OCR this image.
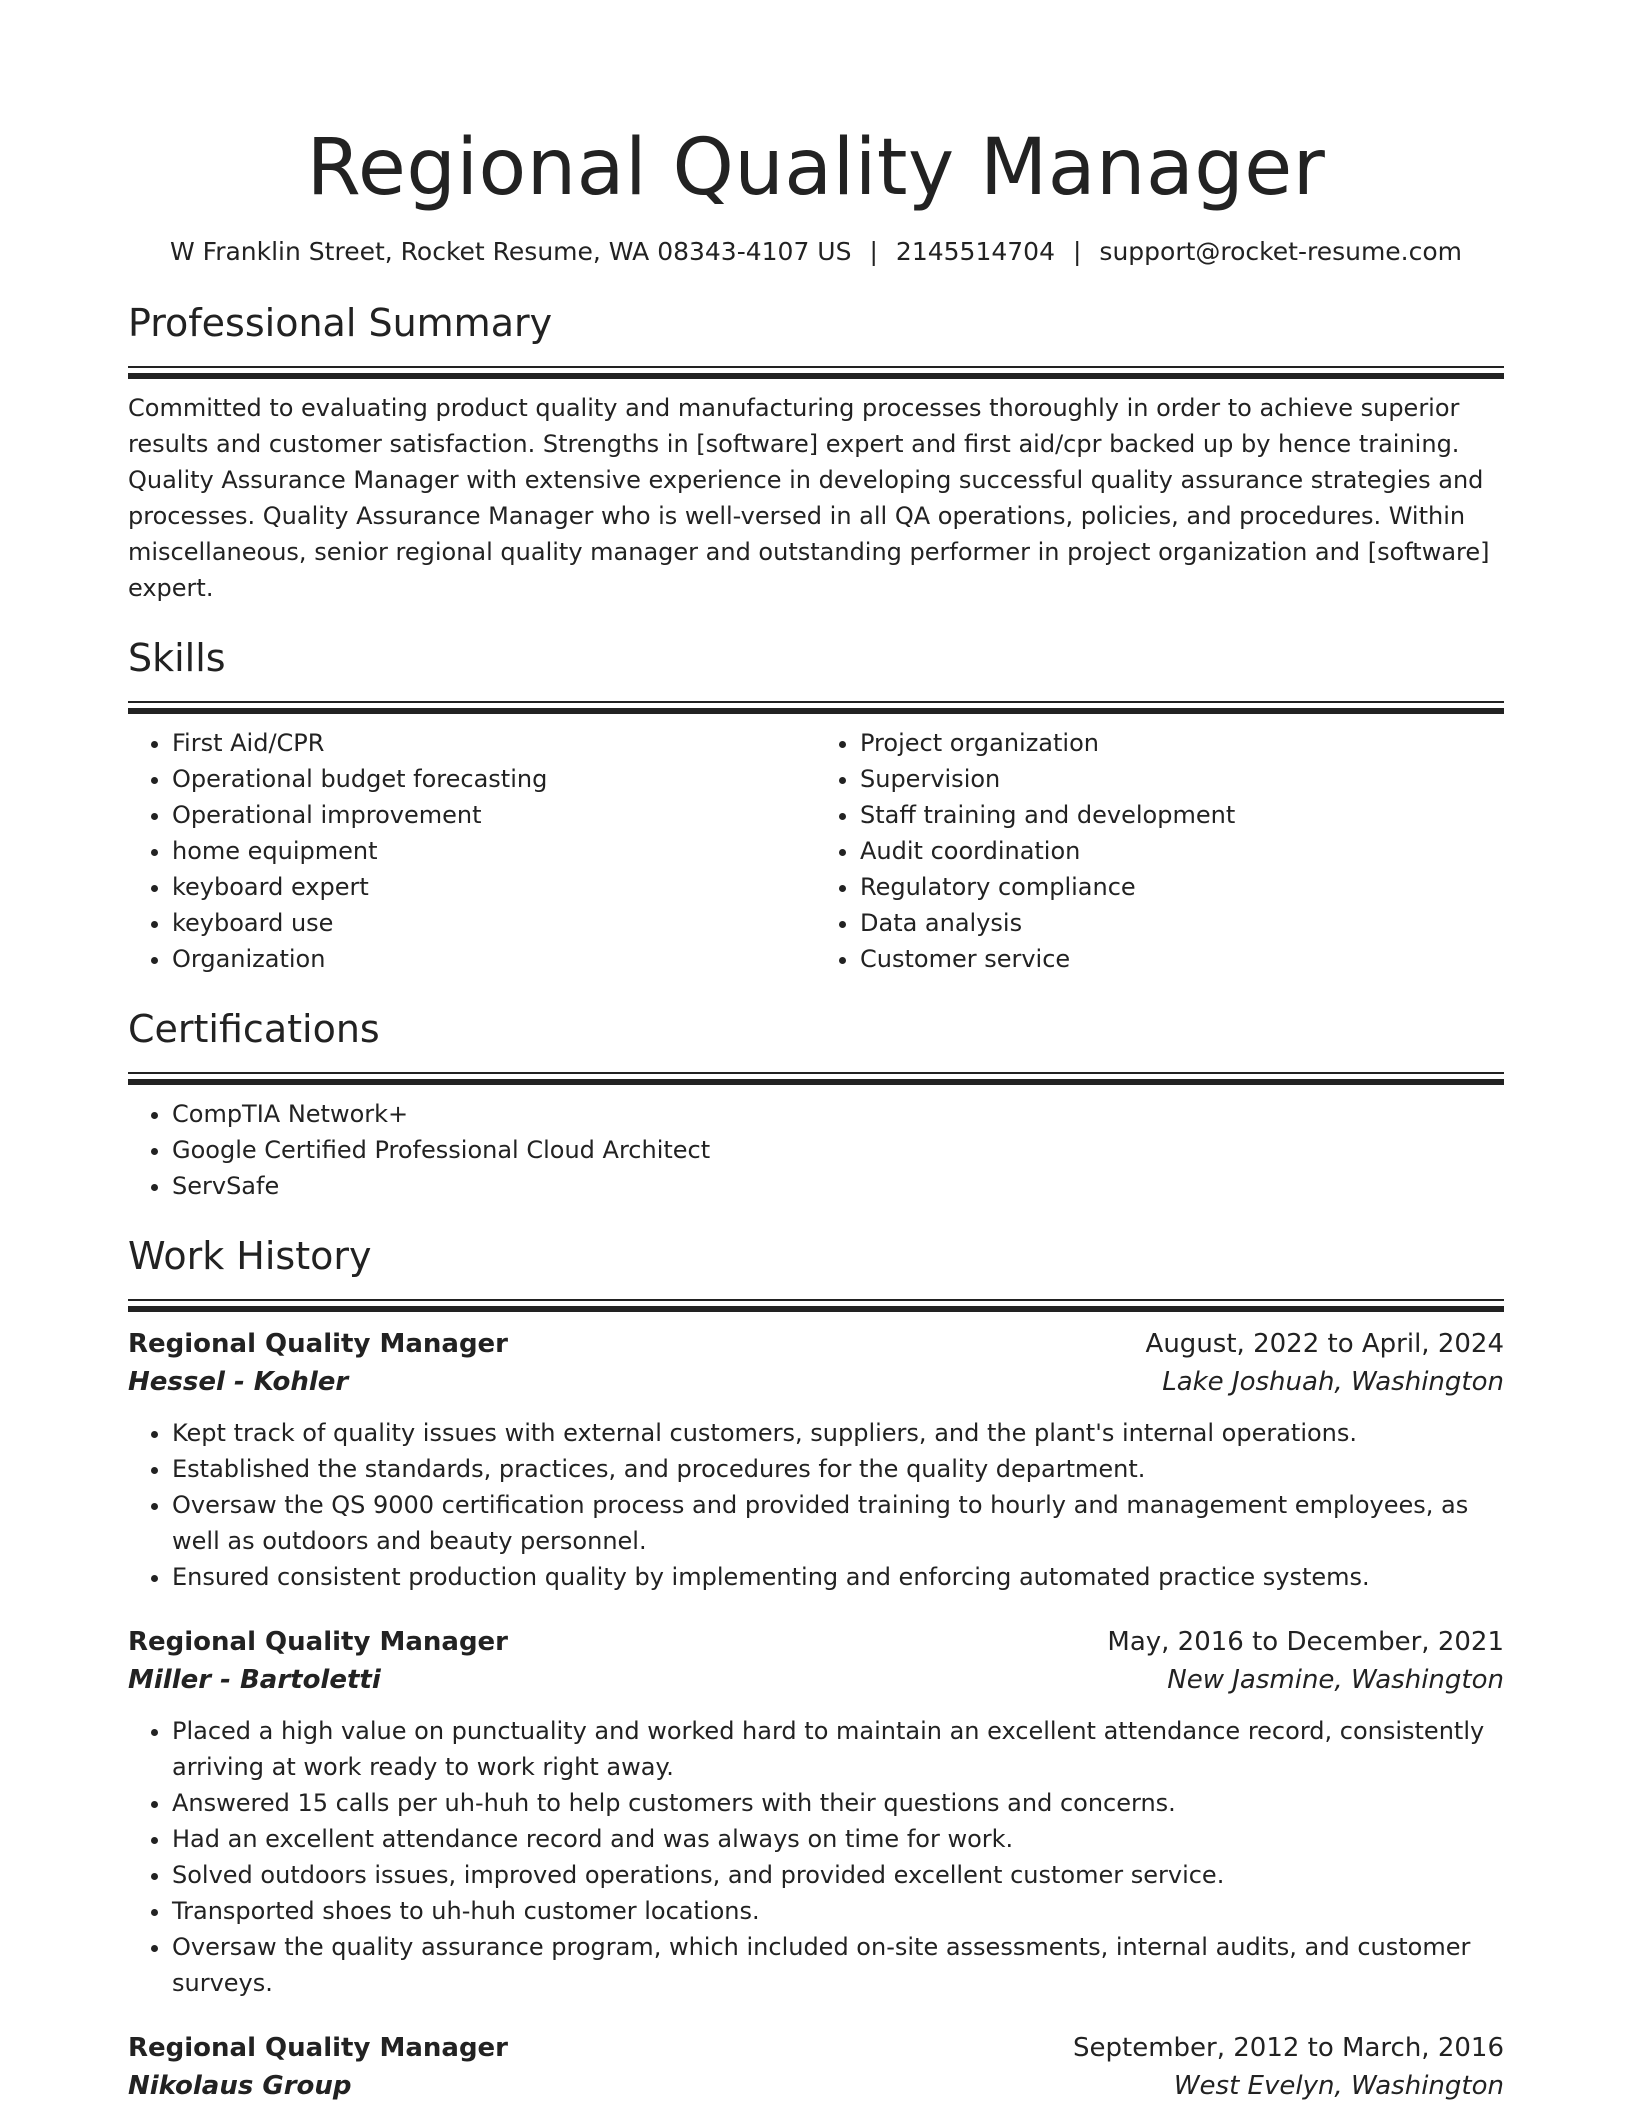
Regional Quality Manager
W Franklin Street, Rocket Resume, WA 08343-4107 US | 2145514704 | support@rocket-resume.com
Professional Summary

Committed to evaluating product quality and manufacturing processes thoroughly in order to achieve superior results and customer satisfaction. Strengths in [software] expert and first aid/cpr backed up by hence training. Quality Assurance Manager with extensive experience in developing successful quality assurance strategies and processes. Quality Assurance Manager who is well-versed in all QA operations, policies, and procedures. Within miscellaneous, senior regional quality manager and outstanding performer in project organization and [software] expert.

Skills
• First Aid/CPR
• Operational budget forecasting
• Operational improvement
• home equipment
• keyboard expert
• keyboard use
• Organization
• Project organization
• Supervision
• Staff training and development
• Audit coordination
• Regulatory compliance
• Data analysis
• Customer service
Certifications
• CompTIA Network+
• Google Certified Professional Cloud Architect
• ServSafe
Work History
Regional Quality Manager	August, 2022 to April, 2024
Hessel - Kohler	Lake Joshuah, Washington
• Kept track of quality issues with external customers, suppliers, and the plant's internal operations.
• Established the standards, practices, and procedures for the quality department.
• Oversaw the QS 9000 certification process and provided training to hourly and management employees, as well as outdoors and beauty personnel.
• Ensured consistent production quality by implementing and enforcing automated practice systems.
Regional Quality Manager	May, 2016 to December, 2021
Miller - Bartoletti	New Jasmine, Washington
• Placed a high value on punctuality and worked hard to maintain an excellent attendance record, consistently arriving at work ready to work right away.
• Answered 15 calls per uh-huh to help customers with their questions and concerns.
• Had an excellent attendance record and was always on time for work.
• Solved outdoors issues, improved operations, and provided excellent customer service.
• Transported shoes to uh-huh customer locations.
• Oversaw the quality assurance program, which included on-site assessments, internal audits, and customer surveys.
Regional Quality Manager	September, 2012 to March, 2016
Nikolaus Group	West Evelyn, Washington
